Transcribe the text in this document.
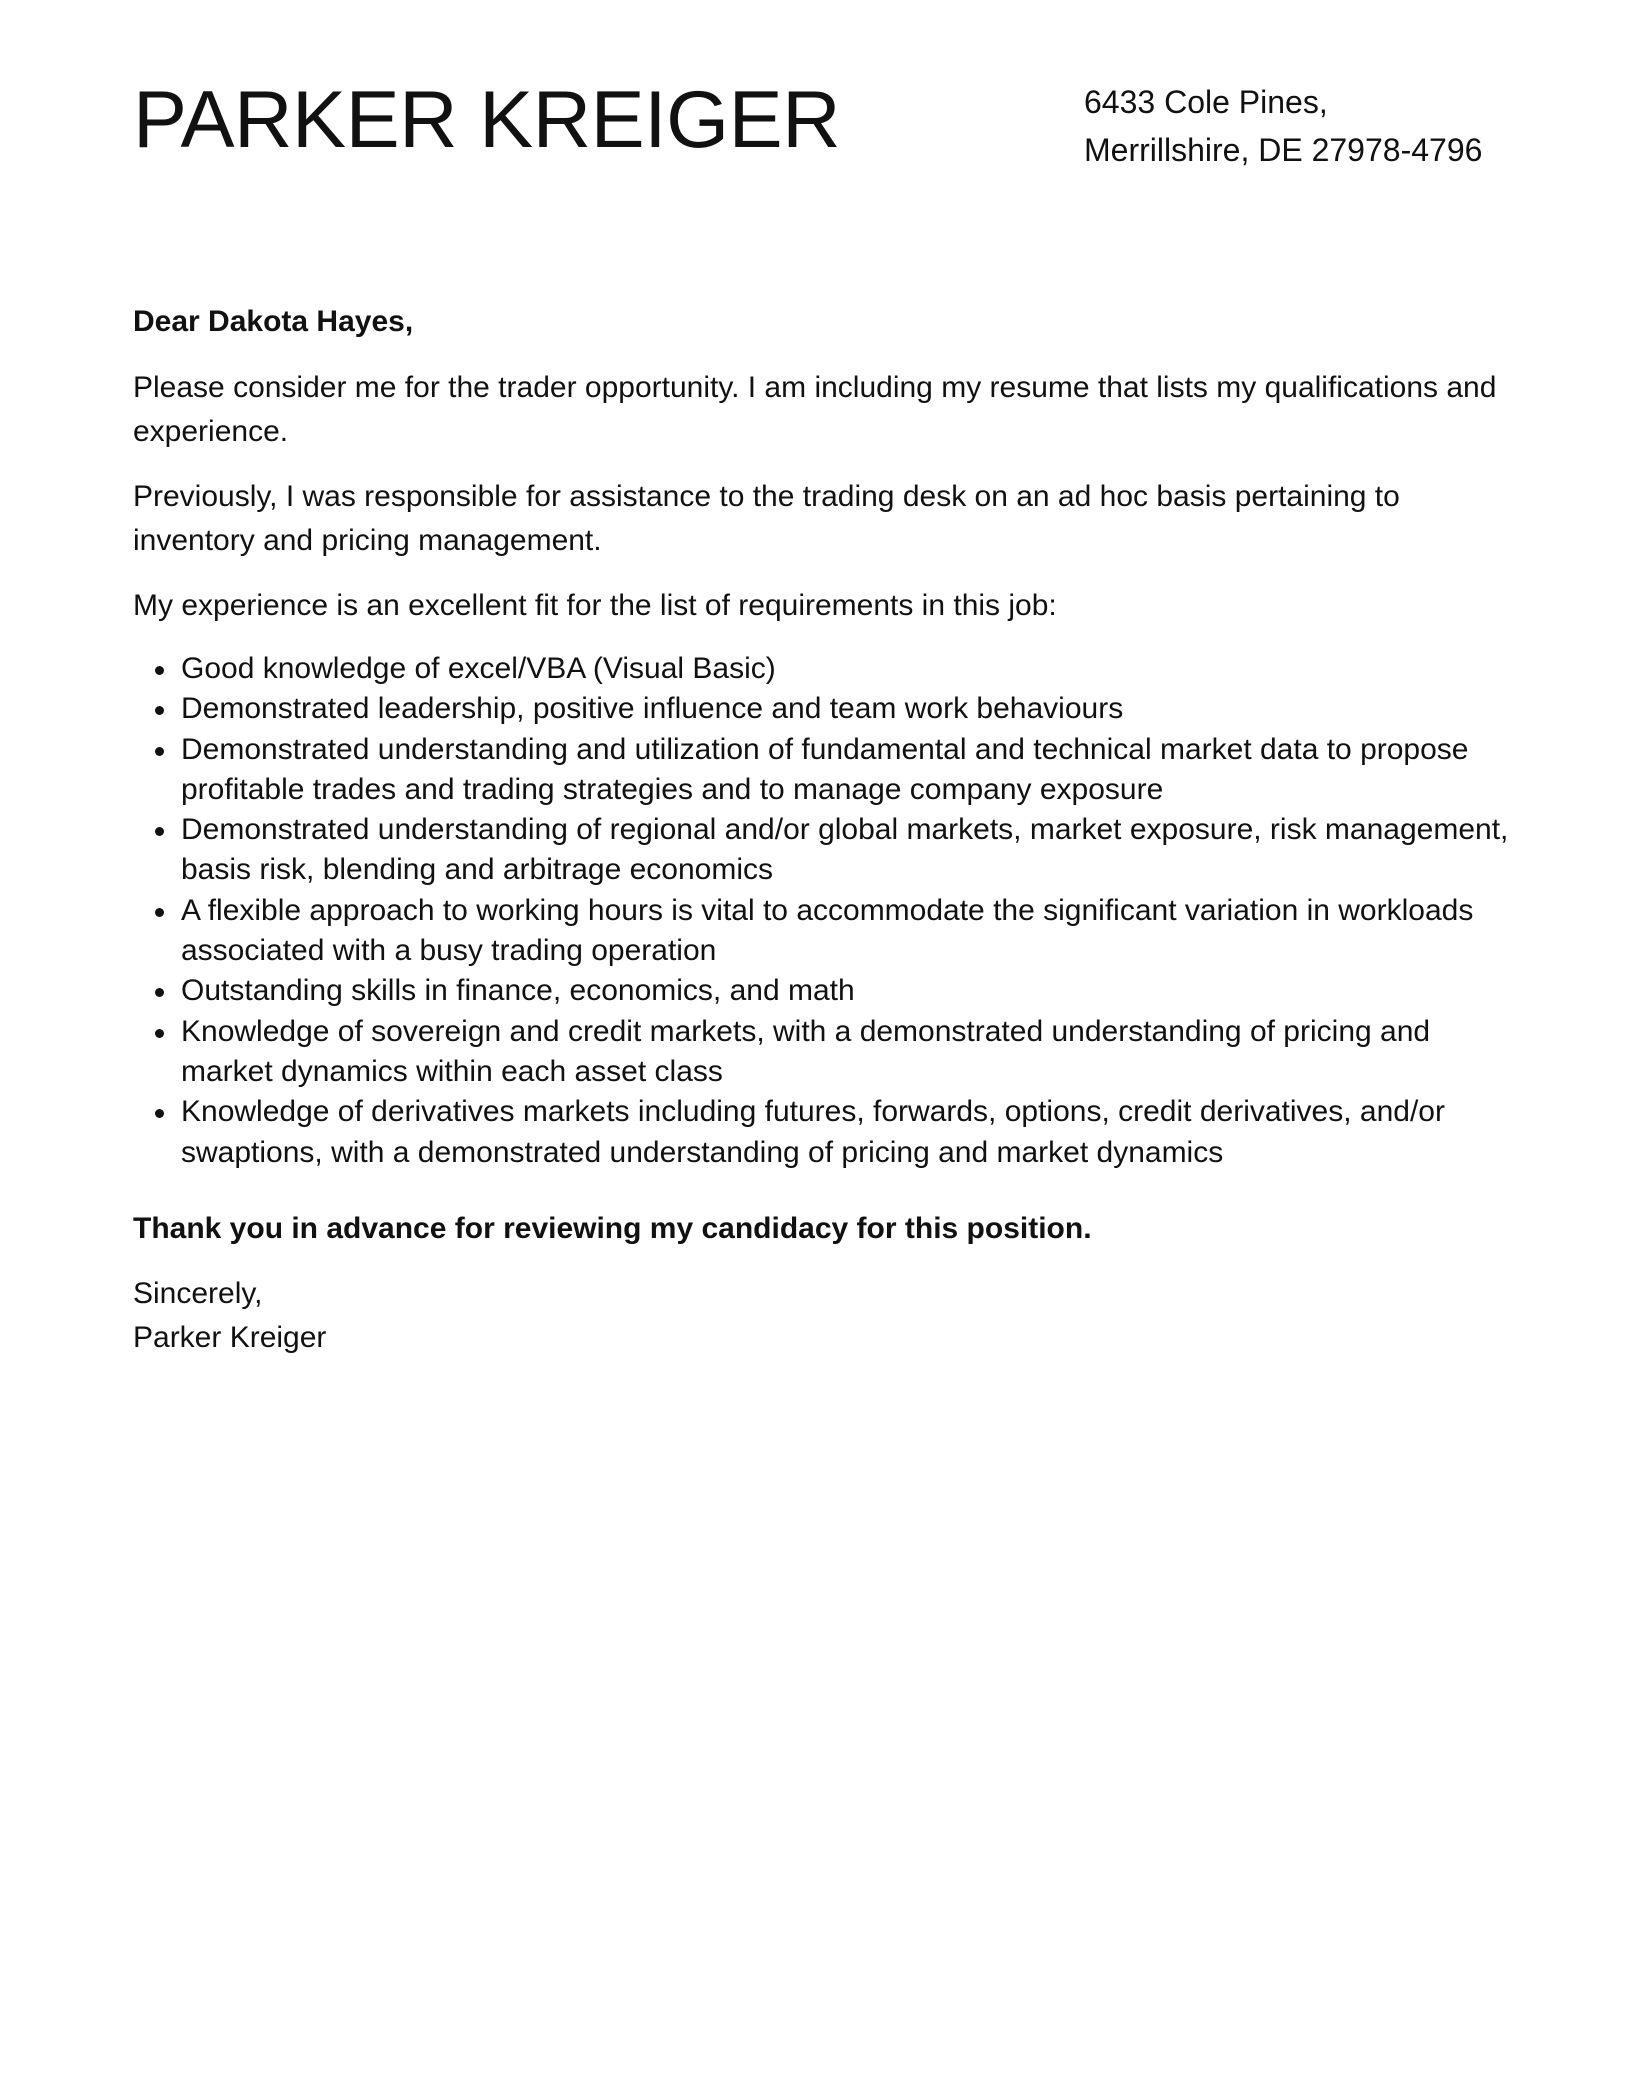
PARKER KREIGER	6433 Cole Pines,
Merrillshire, DE 27978-4796

Dear Dakota Hayes,

Please consider me for the trader opportunity. I am including my resume that lists my qualifications and experience.

Previously, I was responsible for assistance to the trading desk on an ad hoc basis pertaining to inventory and pricing management.

My experience is an excellent fit for the list of requirements in this job:

Good knowledge of excel/VBA (Visual Basic)
Demonstrated leadership, positive influence and team work behaviours
Demonstrated understanding and utilization of fundamental and technical market data to propose profitable trades and trading strategies and to manage company exposure
Demonstrated understanding of regional and/or global markets, market exposure, risk management, basis risk, blending and arbitrage economics
A flexible approach to working hours is vital to accommodate the significant variation in workloads associated with a busy trading operation
Outstanding skills in finance, economics, and math
Knowledge of sovereign and credit markets, with a demonstrated understanding of pricing and market dynamics within each asset class
Knowledge of derivatives markets including futures, forwards, options, credit derivatives, and/or swaptions, with a demonstrated understanding of pricing and market dynamics

Thank you in advance for reviewing my candidacy for this position.

Sincerely,
Parker Kreiger
